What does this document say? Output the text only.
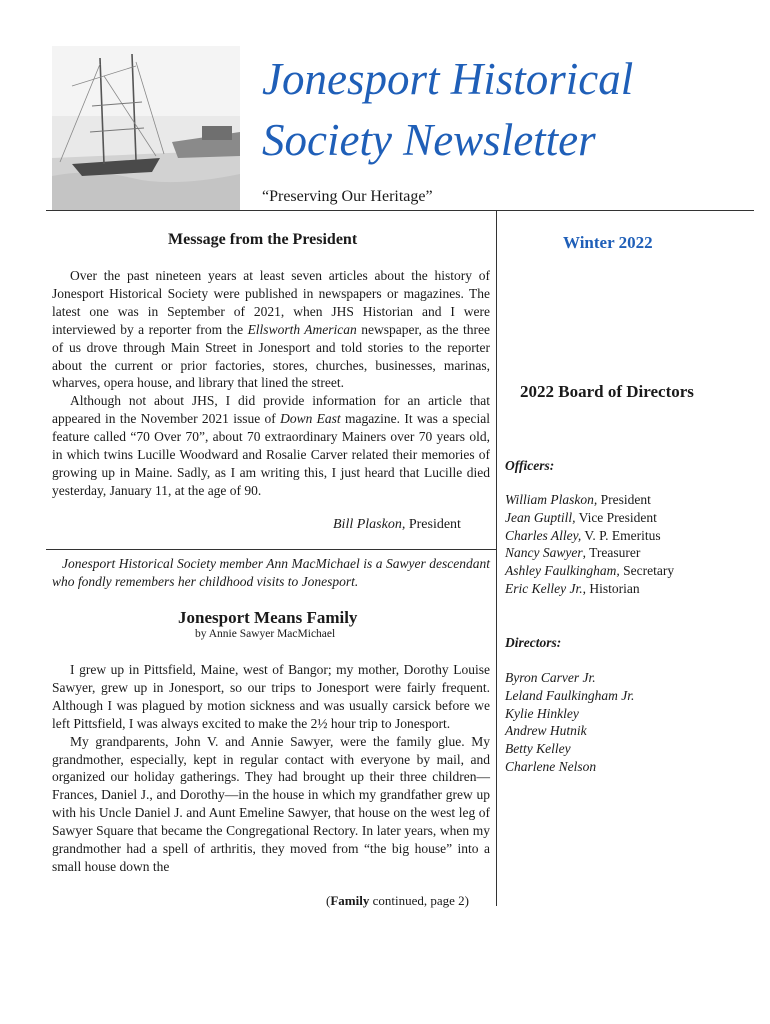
Jonesport Historical
Society Newsletter
“Preserving Our Heritage”
Message from the President

Over the past nineteen years at least seven articles about the history of Jonesport Historical Society were published in newspapers or magazines. The latest one was in September of 2021, when JHS Historian and I were interviewed by a reporter from the Ellsworth American newspaper, as the three of us drove through Main Street in Jonesport and told stories to the reporter about the current or prior factories, stores, churches, businesses, marinas, wharves, opera house, and library that lined the street.

Although not about JHS, I did provide information for an article that appeared in the November 2021 issue of Down East magazine. It was a special feature called “70 Over 70”, about 70 extraordinary Mainers over 70 years old, in which twins Lucille Woodward and Rosalie Carver related their memories of growing up in Maine. Sadly, as I am writing this, I just heard that Lucille died yesterday, January 11, at the age of 90.

Bill Plaskon, President
Jonesport Historical Society member Ann MacMichael is a Sawyer descendant who fondly remembers her childhood visits to Jonesport.
Jonesport Means Family
by Annie Sawyer MacMichael

I grew up in Pittsfield, Maine, west of Bangor; my mother, Dorothy Louise Sawyer, grew up in Jonesport, so our trips to Jonesport were fairly frequent. Although I was plagued by motion sickness and was usually carsick before we left Pittsfield, I was always excited to make the 2½ hour trip to Jonesport.

My grandparents, John V. and Annie Sawyer, were the family glue. My grandmother, especially, kept in regular contact with everyone by mail, and organized our holiday gatherings. They had brought up their three children—Frances, Daniel J., and Dorothy—in the house in which my grandfather grew up with his Uncle Daniel J. and Aunt Emeline Sawyer, that house on the west leg of Sawyer Square that became the Congregational Rectory. In later years, when my grandmother had a spell of arthritis, they moved from “the big house” into a small house down the

(Family continued, page 2)
Winter 2022
2022 Board of Directors
Officers:
William Plaskon, President
Jean Guptill, Vice President
Charles Alley, V. P. Emeritus
Nancy Sawyer, Treasurer
Ashley Faulkingham, Secretary
Eric Kelley Jr., Historian
Directors:
Byron Carver Jr.
Leland Faulkingham Jr.
Kylie Hinkley
Andrew Hutnik
Betty Kelley
Charlene Nelson
